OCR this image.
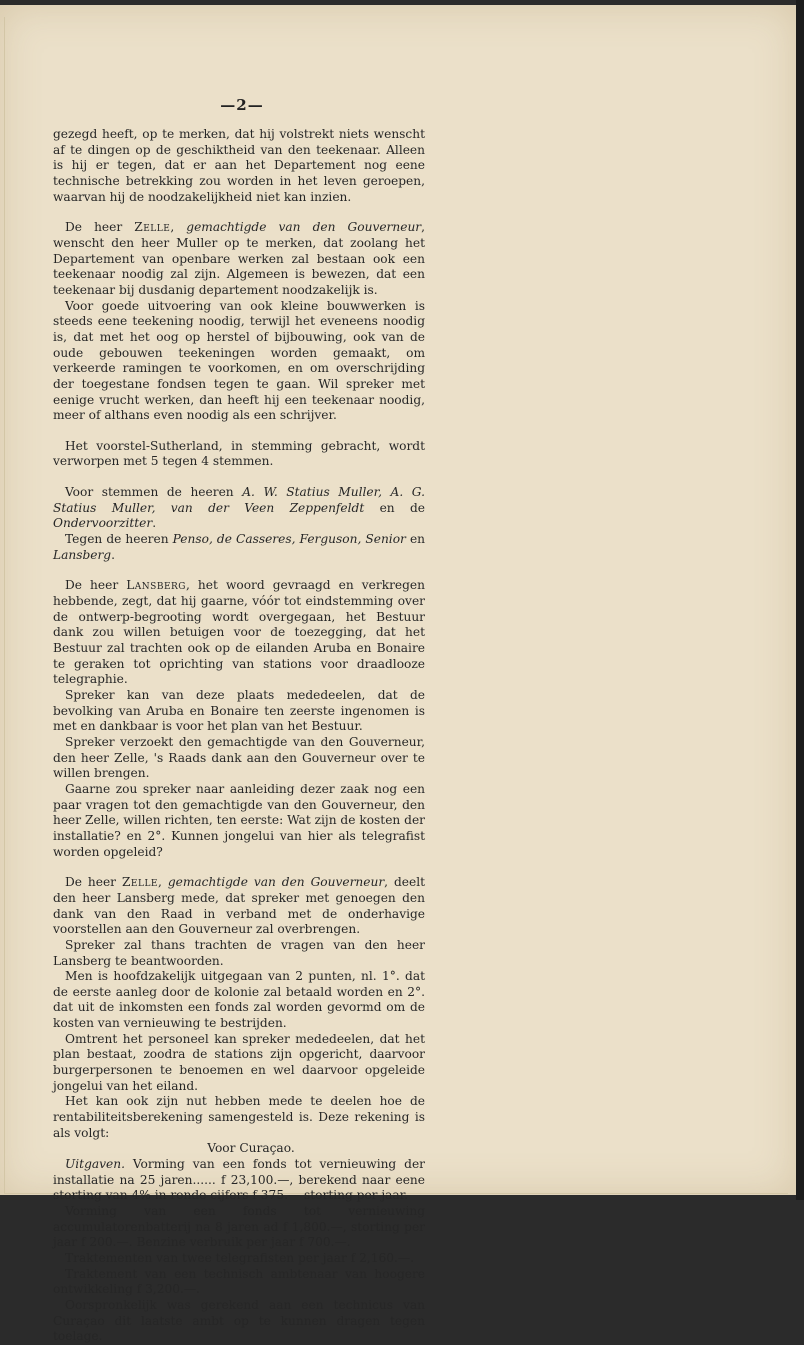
—2—

gezegd heeft, op te merken, dat hij volstrekt niets wenscht af te dingen op de geschiktheid van den teekenaar. Alleen is hij er tegen, dat er aan het Departement nog eene technische betrekking zou worden in het leven geroepen, waarvan hij de noodzakelijkheid niet kan inzien.

De heer Zelle, gemachtigde van den Gouverneur, wenscht den heer Muller op te merken, dat zoolang het Departement van openbare werken zal bestaan ook een teekenaar noodig zal zijn. Algemeen is bewezen, dat een teekenaar bij dusdanig departement noodzakelijk is.

Voor goede uitvoering van ook kleine bouwwerken is steeds eene teekening noodig, terwijl het eveneens noodig is, dat met het oog op herstel of bijbouwing, ook van de oude gebouwen teekeningen worden gemaakt, om verkeerde ramingen te voorkomen, en om overschrijding der toegestane fondsen tegen te gaan. Wil spreker met eenige vrucht werken, dan heeft hij een teekenaar noodig, meer of althans even noodig als een schrijver.

Het voorstel-Sutherland, in stemming gebracht, wordt verworpen met 5 tegen 4 stemmen.

Voor stemmen de heeren A. W. Statius Muller, A. G. Statius Muller, van der Veen Zeppenfeldt en de Ondervoorzitter.

Tegen de heeren Penso, de Casseres, Ferguson, Senior en Lansberg.

De heer Lansberg, het woord gevraagd en verkregen hebbende, zegt, dat hij gaarne, vóór tot eindstemming over de ontwerp-begrooting wordt overgegaan, het Bestuur dank zou willen betuigen voor de toezegging, dat het Bestuur zal trachten ook op de eilanden Aruba en Bonaire te geraken tot oprichting van stations voor draadlooze telegraphie.

Spreker kan van deze plaats mededeelen, dat de bevolking van Aruba en Bonaire ten zeerste ingenomen is met en dankbaar is voor het plan van het Bestuur.

Spreker verzoekt den gemachtigde van den Gouverneur, den heer Zelle, 's Raads dank aan den Gouverneur over te willen brengen.

Gaarne zou spreker naar aanleiding dezer zaak nog een paar vragen tot den gemachtigde van den Gouverneur, den heer Zelle, willen richten, ten eerste: Wat zijn de kosten der installatie? en 2°. Kunnen jongelui van hier als telegrafist worden opgeleid?

De heer Zelle, gemachtigde van den Gouverneur, deelt den heer Lansberg mede, dat spreker met genoegen den dank van den Raad in verband met de onderhavige voorstellen aan den Gouverneur zal overbrengen.

Spreker zal thans trachten de vragen van den heer Lansberg te beantwoorden.

Men is hoofdzakelijk uitgegaan van 2 punten, nl. 1°. dat de eerste aanleg door de kolonie zal betaald worden en 2°. dat uit de inkomsten een fonds zal worden gevormd om de kosten van vernieuwing te bestrijden.

Omtrent het personeel kan spreker mededeelen, dat het plan bestaat, zoodra de stations zijn opgericht, daarvoor burgerpersonen te benoemen en wel daarvoor opgeleide jongelui van het eiland.

Het kan ook zijn nut hebben mede te deelen hoe de rentabiliteitsberekening samengesteld is. Deze rekening is als volgt:

Voor Curaçao.

Uitgaven. Vorming van een fonds tot vernieuwing der installatie na 25 jaren...... f 23,100.—, berekend naar eene storting van 4% in ronde cijfers f 375.— storting per jaar.

Vorming van een fonds tot vernieuwing accumulatorenbatterij na 8 jaren ad f 1,800.—, storting per jaar f 200.—. Benzine verbruik per jaar f 700.—.

Traktementen van twee telegrafisten per jaar f 2,160.—.

Traktement van een technisch ambtenaar van hoogere ontwikkeling f 3,200.—.

Oorspronkelijk was gerekend aan een technicus van Curaçao dit laatste ambt op te kunnen dragen tegen toelage.
